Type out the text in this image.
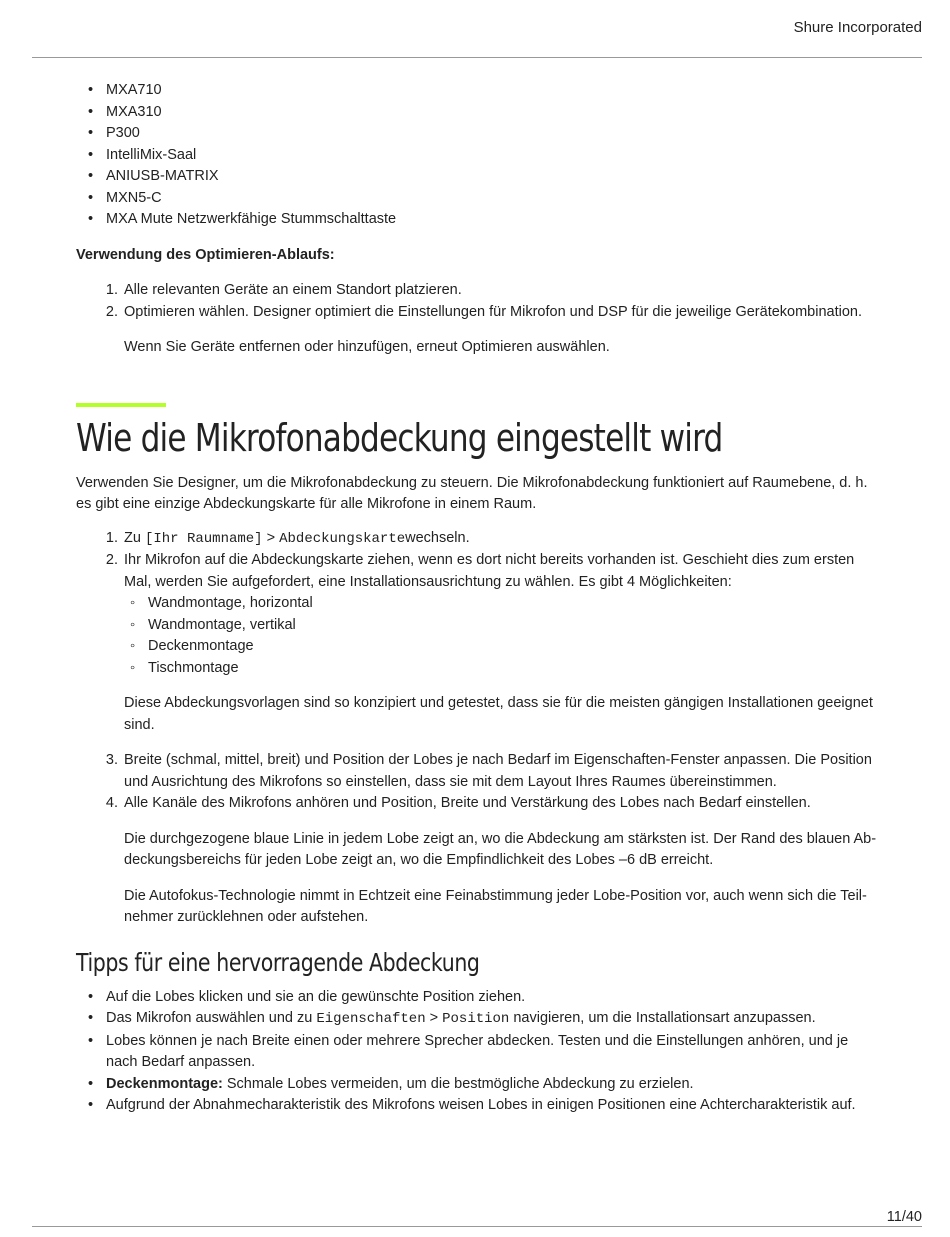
Shure Incorporated
• MXA710
• MXA310
• P300
• IntelliMix-Saal
• ANIUSB-MATRIX
• MXN5-C
• MXA Mute Netzwerkfähige Stummschalttaste

Verwendung des Optimieren-Ablaufs:

1. Alle relevanten Geräte an einem Standort platzieren.
2. Optimieren wählen. Designer optimiert die Einstellungen für Mikrofon und DSP für die jeweilige Gerätekombination.

Wenn Sie Geräte entfernen oder hinzufügen, erneut Optimieren auswählen.

Wie die Mikrofonabdeckung eingestellt wird

Verwenden Sie Designer, um die Mikrofonabdeckung zu steuern. Die Mikrofonabdeckung funktioniert auf Raumebene, d. h. es gibt eine einzige Abdeckungskarte für alle Mikrofone in einem Raum.

1. Zu [Ihr Raumname] > Abdeckungskartewechseln.
2. Ihr Mikrofon auf die Abdeckungskarte ziehen, wenn es dort nicht bereits vorhanden ist. Geschieht dies zum ersten Mal, werden Sie aufgefordert, eine Installationsausrichtung zu wählen. Es gibt 4 Möglichkeiten:
◦ Wandmontage, horizontal
◦ Wandmontage, vertikal
◦ Deckenmontage
◦ Tischmontage

Diese Abdeckungsvorlagen sind so konzipiert und getestet, dass sie für die meisten gängigen Installationen geeignet sind.

3. Breite (schmal, mittel, breit) und Position der Lobes je nach Bedarf im Eigenschaften-Fenster anpassen. Die Position und Ausrichtung des Mikrofons so einstellen, dass sie mit dem Layout Ihres Raumes übereinstimmen.
4. Alle Kanäle des Mikrofons anhören und Position, Breite und Verstärkung des Lobes nach Bedarf einstellen.

Die durchgezogene blaue Linie in jedem Lobe zeigt an, wo die Abdeckung am stärksten ist. Der Rand des blauen Abdeckungsbereichs für jeden Lobe zeigt an, wo die Empfindlichkeit des Lobes –6 dB erreicht.

Die Autofokus-Technologie nimmt in Echtzeit eine Feinabstimmung jeder Lobe-Position vor, auch wenn sich die Teilnehmer zurücklehnen oder aufstehen.

Tipps für eine hervorragende Abdeckung
• Auf die Lobes klicken und sie an die gewünschte Position ziehen.
• Das Mikrofon auswählen und zu Eigenschaften > Position navigieren, um die Installationsart anzupassen.
• Lobes können je nach Breite einen oder mehrere Sprecher abdecken. Testen und die Einstellungen anhören, und je nach Bedarf anpassen.
• Deckenmontage: Schmale Lobes vermeiden, um die bestmögliche Abdeckung zu erzielen.
• Aufgrund der Abnahmecharakteristik des Mikrofons weisen Lobes in einigen Positionen eine Achtercharakteristik auf.
11/40
